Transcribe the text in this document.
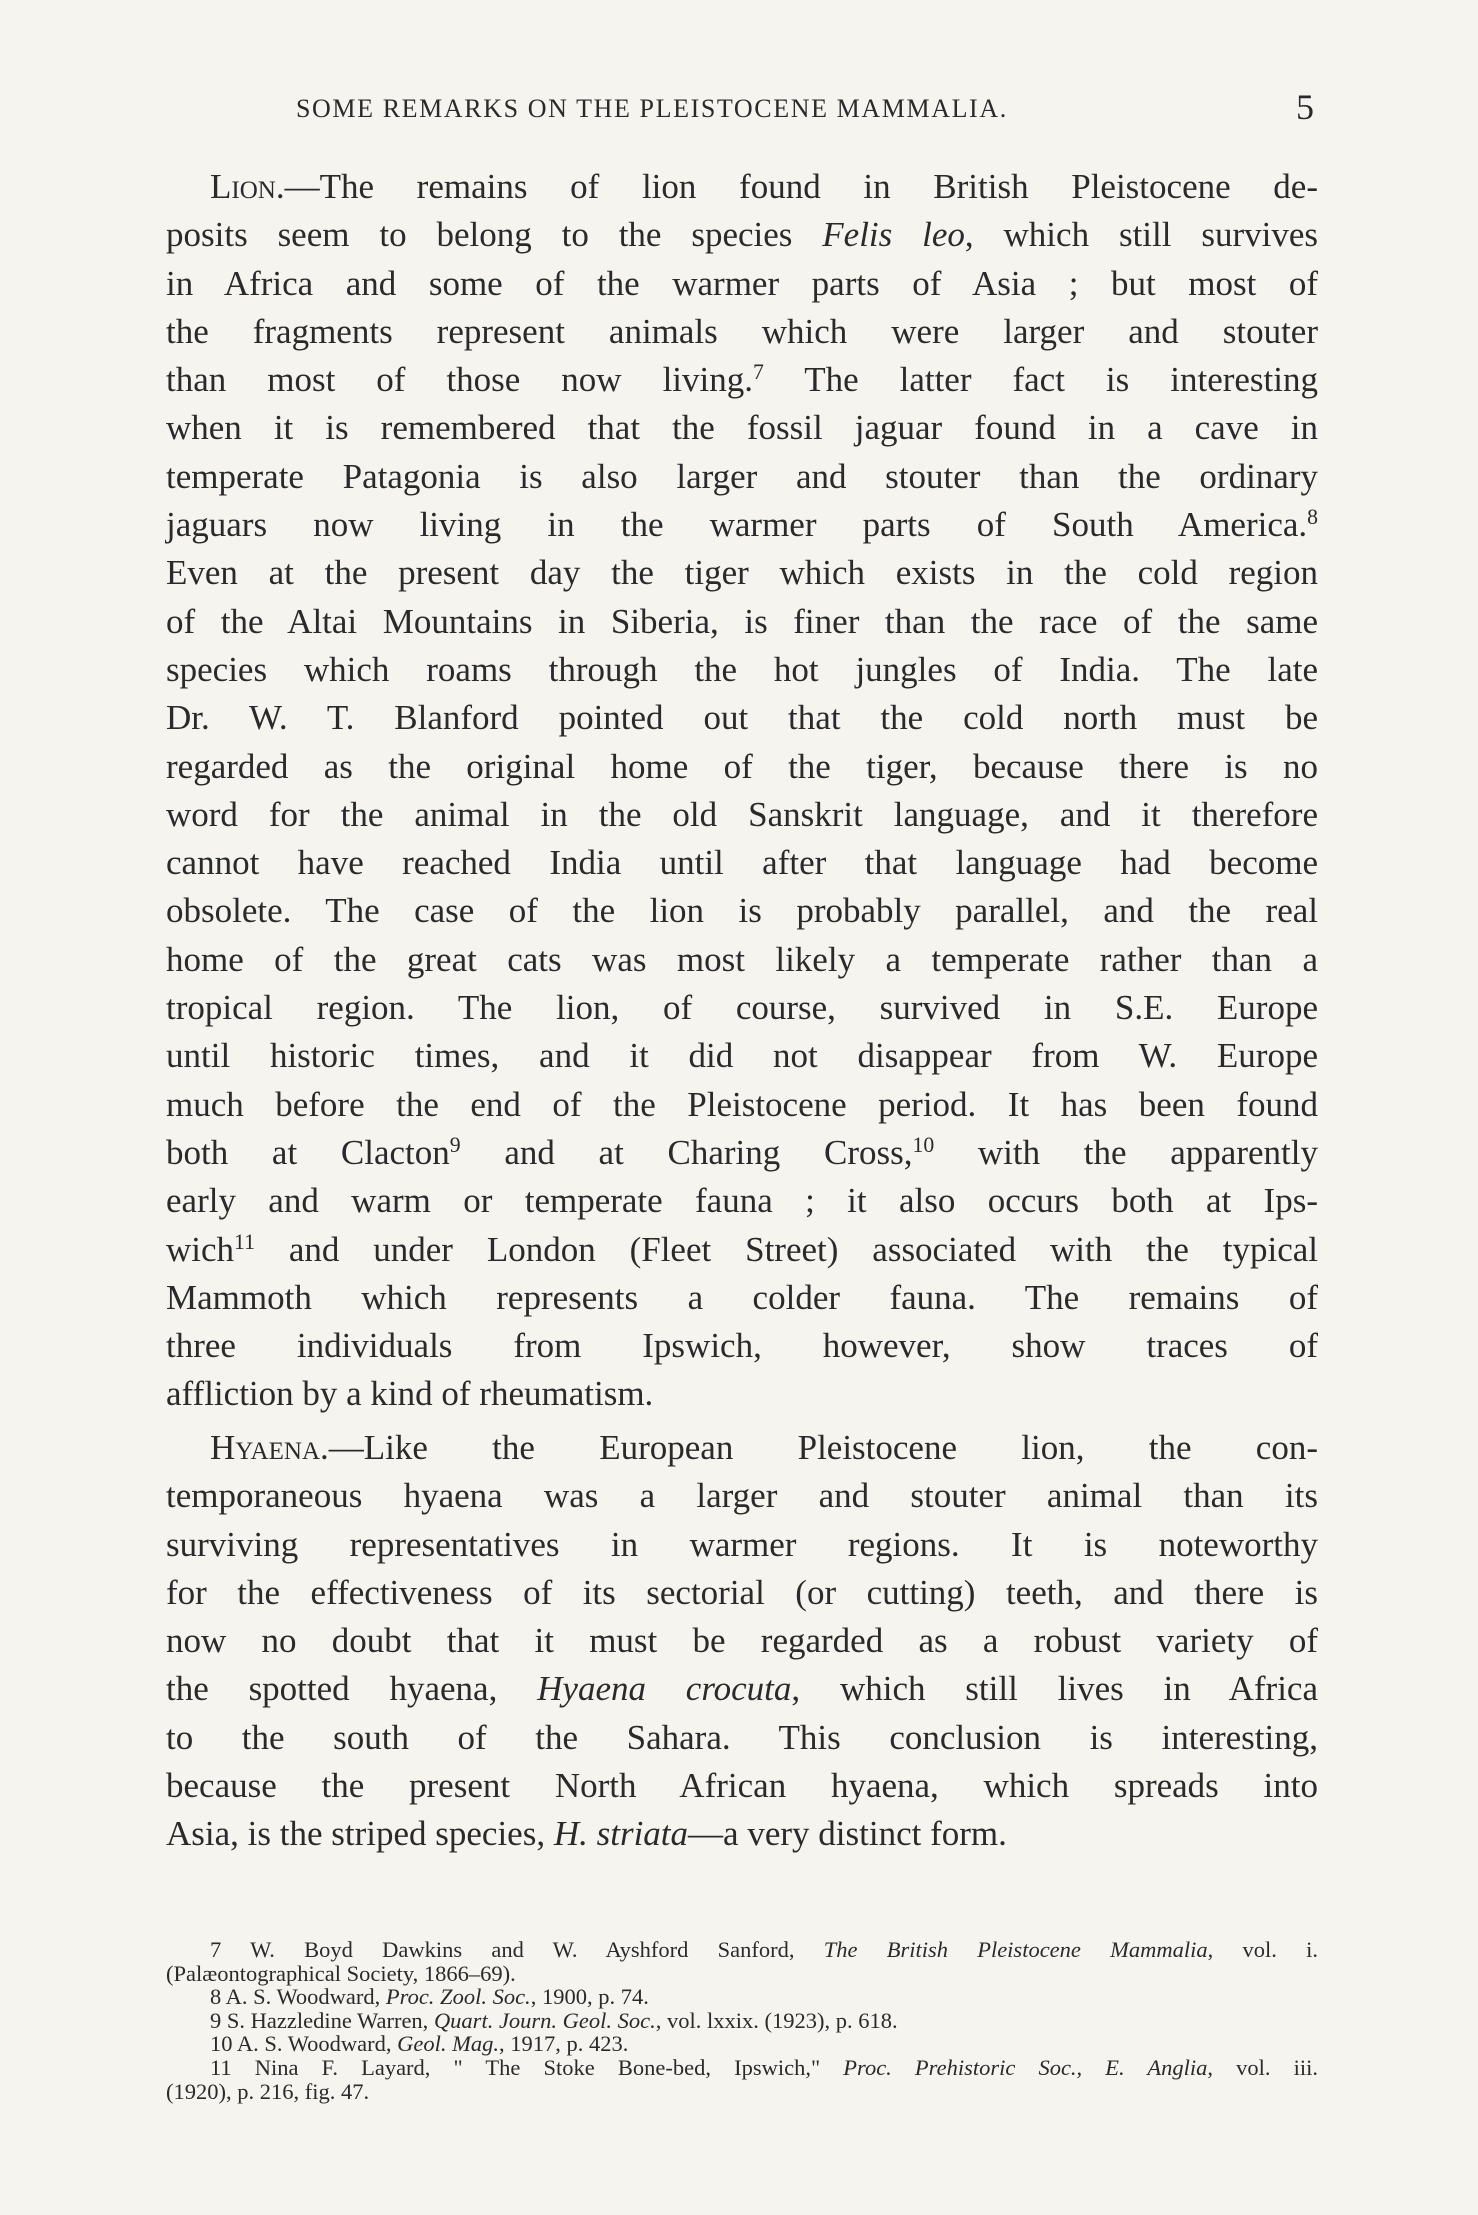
SOME REMARKS ON THE PLEISTOCENE MAMMALIA.	5
Lion.—The remains of lion found in British Pleistocene de-
posits seem to belong to the species Felis leo, which still survives
in Africa and some of the warmer parts of Asia ; but most of
the fragments represent animals which were larger and stouter
than most of those now living.$^7$ The latter fact is interesting
when it is remembered that the fossil jaguar found in a cave in
temperate Patagonia is also larger and stouter than the ordinary
jaguars now living in the warmer parts of South America.$^8$
Even at the present day the tiger which exists in the cold region
of the Altai Mountains in Siberia, is finer than the race of the same
species which roams through the hot jungles of India. The late
Dr. W. T. Blanford pointed out that the cold north must be
regarded as the original home of the tiger, because there is no
word for the animal in the old Sanskrit language, and it therefore
cannot have reached India until after that language had become
obsolete. The case of the lion is probably parallel, and the real
home of the great cats was most likely a temperate rather than a
tropical region. The lion, of course, survived in S.E. Europe
until historic times, and it did not disappear from W. Europe
much before the end of the Pleistocene period. It has been found
both at Clacton$^9$ and at Charing Cross,$^{10}$ with the apparently
early and warm or temperate fauna ; it also occurs both at Ips-
wich$^{11}$ and under London (Fleet Street) associated with the typical
Mammoth which represents a colder fauna. The remains of
three individuals from Ipswich, however, show traces of
affliction by a kind of rheumatism.
Hyaena.—Like the European Pleistocene lion, the con-
temporaneous hyaena was a larger and stouter animal than its
surviving representatives in warmer regions. It is noteworthy
for the effectiveness of its sectorial (or cutting) teeth, and there is
now no doubt that it must be regarded as a robust variety of
the spotted hyaena, Hyaena crocuta, which still lives in Africa
to the south of the Sahara. This conclusion is interesting,
because the present North African hyaena, which spreads into
Asia, is the striped species, H. striata—a very distinct form.
7 W. Boyd Dawkins and W. Ayshford Sanford, The British Pleistocene Mammalia, vol. i.
(Palæontographical Society, 1866–69).
8 A. S. Woodward, Proc. Zool. Soc., 1900, p. 74.
9 S. Hazzledine Warren, Quart. Journ. Geol. Soc., vol. lxxix. (1923), p. 618.
10 A. S. Woodward, Geol. Mag., 1917, p. 423.
11 Nina F. Layard, " The Stoke Bone-bed, Ipswich," Proc. Prehistoric Soc., E. Anglia, vol. iii.
(1920), p. 216, fig. 47.
